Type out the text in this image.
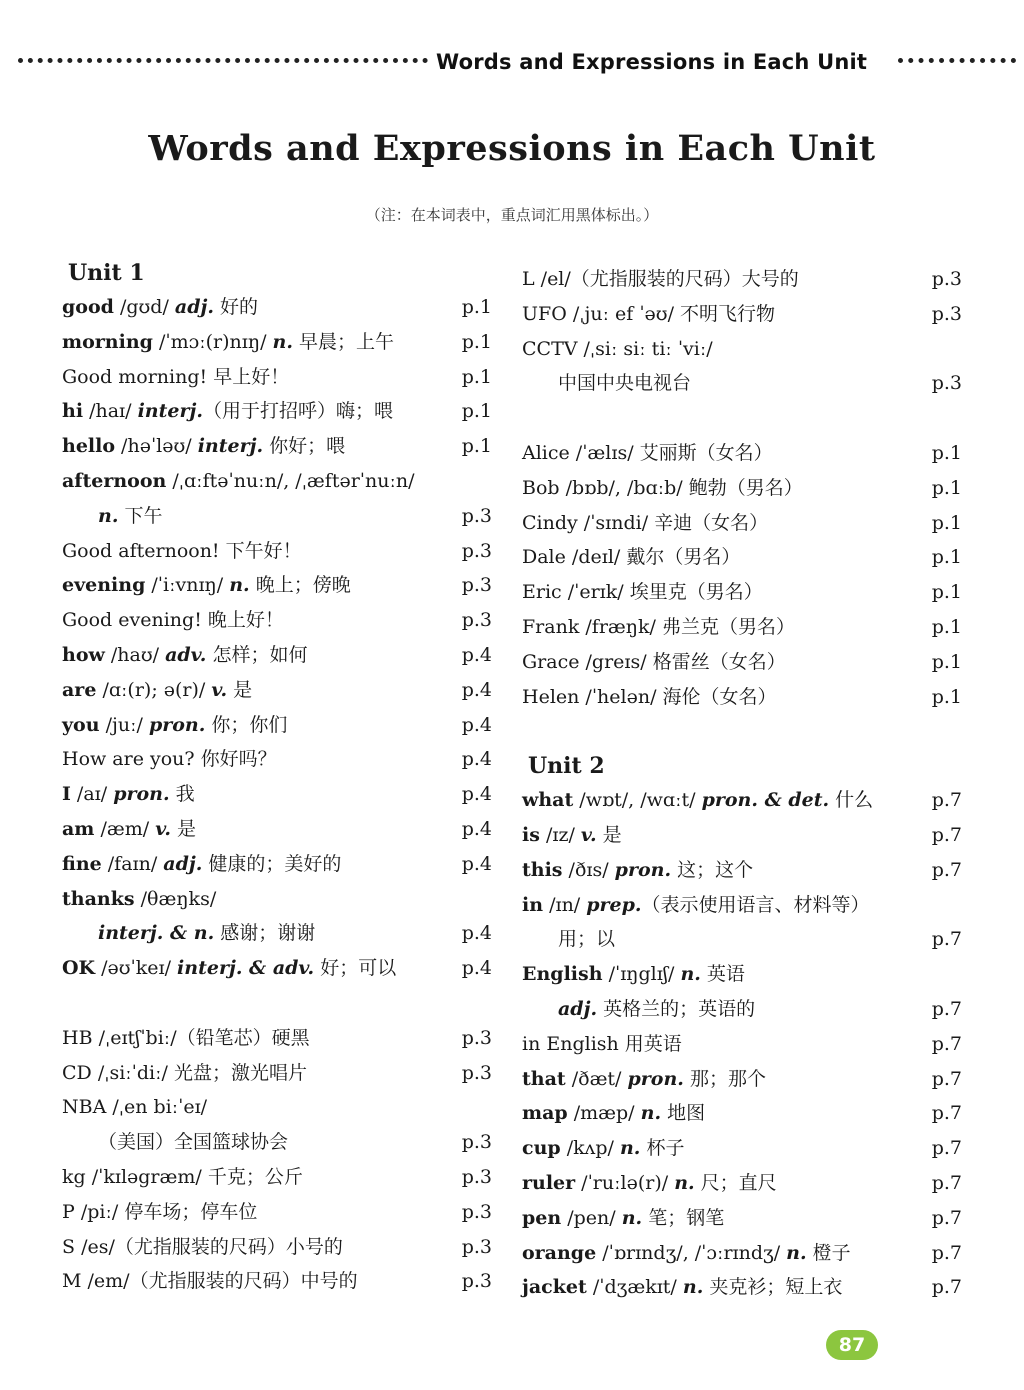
Words and Expressions in Each Unit
Words and Expressions in Each Unit
（注：在本词表中，重点词汇用黑体标出。）
Unit 1
good /gʊd/ adj. 好的	p.1
morning /ˈmɔː(r)nɪŋ/ n. 早晨；上午	p.1
Good morning! 早上好！	p.1
hi /haɪ/ interj.（用于打招呼）嗨；喂	p.1
hello /həˈləʊ/ interj. 你好；喂	p.1
afternoon /ˌɑːftəˈnuːn/, /ˌæftərˈnuːn/
n. 下午	p.3
Good afternoon! 下午好！	p.3
evening /ˈiːvnɪŋ/ n. 晚上；傍晚	p.3
Good evening! 晚上好！	p.3
how /haʊ/ adv. 怎样；如何	p.4
are /ɑː(r); ə(r)/ v. 是	p.4
you /juː/ pron. 你；你们	p.4
How are you? 你好吗？	p.4
I /aɪ/ pron. 我	p.4
am /æm/ v. 是	p.4
fine /faɪn/ adj. 健康的；美好的	p.4
thanks /θæŋks/
interj. & n. 感谢；谢谢	p.4
OK /əʊˈkeɪ/ interj. & adv. 好；可以	p.4
HB /ˌeɪtʃˈbiː/（铅笔芯）硬黑	p.3
CD /ˌsiːˈdiː/ 光盘；激光唱片	p.3
NBA /ˌen biːˈeɪ/
（美国）全国篮球协会	p.3
kg /ˈkɪləgræm/ 千克；公斤	p.3
P /piː/ 停车场；停车位	p.3
S /es/（尤指服装的尺码）小号的	p.3
M /em/（尤指服装的尺码）中号的	p.3
L /el/（尤指服装的尺码）大号的	p.3
UFO /ˌjuː ef ˈəʊ/ 不明飞行物	p.3
CCTV /ˌsiː siː tiː ˈviː/
中国中央电视台	p.3
Alice /ˈælɪs/ 艾丽斯（女名）	p.1
Bob /bɒb/, /bɑːb/ 鲍勃（男名）	p.1
Cindy /ˈsɪndi/ 辛迪（女名）	p.1
Dale /deɪl/ 戴尔（男名）	p.1
Eric /ˈerɪk/ 埃里克（男名）	p.1
Frank /fræŋk/ 弗兰克（男名）	p.1
Grace /greɪs/ 格雷丝（女名）	p.1
Helen /ˈhelən/ 海伦（女名）	p.1
Unit 2
what /wɒt/, /wɑːt/ pron. & det. 什么	p.7
is /ɪz/ v. 是	p.7
this /ðɪs/ pron. 这；这个	p.7
in /ɪn/ prep.（表示使用语言、材料等）
用；以	p.7
English /ˈɪŋglɪʃ/ n. 英语
adj. 英格兰的；英语的	p.7
in English 用英语	p.7
that /ðæt/ pron. 那；那个	p.7
map /mæp/ n. 地图	p.7
cup /kʌp/ n. 杯子	p.7
ruler /ˈruːlə(r)/ n. 尺；直尺	p.7
pen /pen/ n. 笔；钢笔	p.7
orange /ˈɒrɪndʒ/, /ˈɔːrɪndʒ/ n. 橙子	p.7
jacket /ˈdʒækɪt/ n. 夹克衫；短上衣	p.7
87
